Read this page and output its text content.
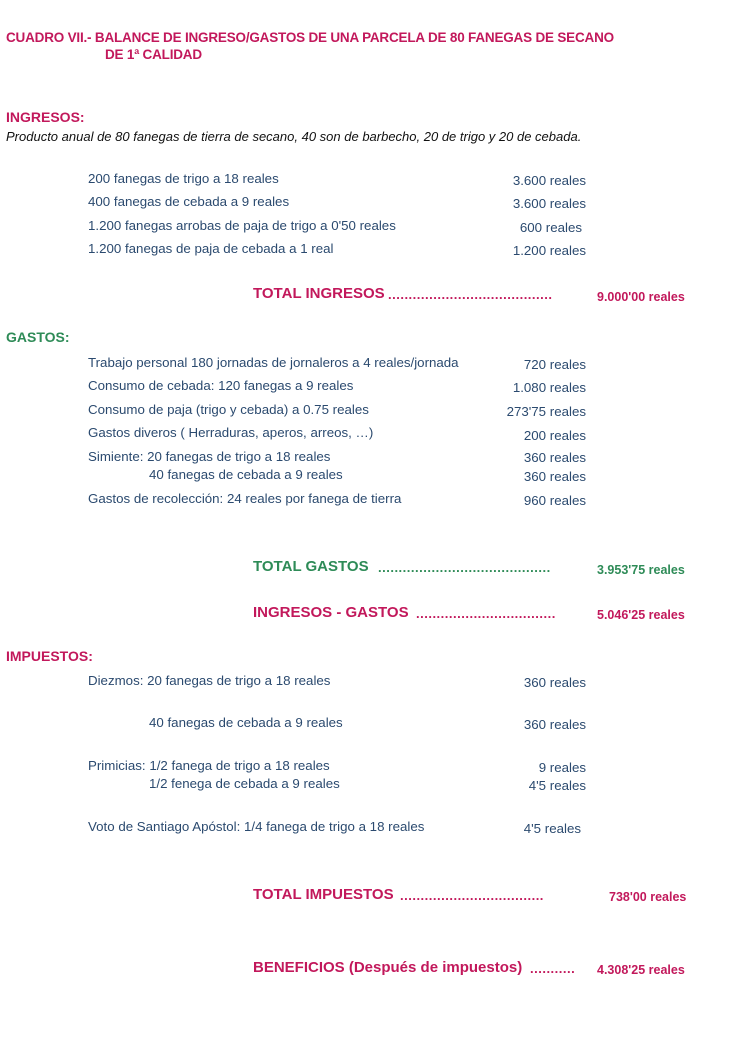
CUADRO VII.- BALANCE DE INGRESO/GASTOS DE UNA PARCELA DE 80 FANEGAS DE SECANO
DE 1ª CALIDAD
INGRESOS:
Producto anual de 80 fanegas de tierra de secano, 40 son de barbecho, 20 de trigo y 20 de cebada.
200 fanegas de trigo a 18 reales	3.600 reales
400 fanegas de cebada a 9 reales	3.600 reales
1.200 fanegas arrobas de paja de trigo a 0'50 reales	600 reales
1.200 fanegas de paja de cebada a 1 real	1.200 reales
TOTAL INGRESOS ........................................	9.000'00 reales
GASTOS:
Trabajo personal 180 jornadas de jornaleros a 4 reales/jornada	720 reales
Consumo de cebada: 120 fanegas a 9 reales	1.080 reales
Consumo de paja (trigo y cebada) a 0.75 reales	273'75 reales
Gastos diveros ( Herraduras, aperos, arreos, …)	200 reales
Simiente: 20 fanegas de trigo a 18 reales	360 reales
40 fanegas de cebada a 9 reales	360 reales
Gastos de recolección: 24 reales por fanega de tierra	960 reales
TOTAL GASTOS ..........................................	3.953'75 reales
INGRESOS - GASTOS ..................................	5.046'25 reales
IMPUESTOS:
Diezmos: 20 fanegas de trigo a 18 reales	360 reales
40 fanegas de cebada a 9 reales	360 reales
Primicias: 1/2 fanega de trigo a 18 reales	9 reales
1/2 fenega de cebada a 9 reales	4'5 reales
Voto de Santiago Apóstol: 1/4 fanega de trigo a 18 reales	4'5 reales
TOTAL IMPUESTOS ...................................	738'00 reales
BENEFICIOS (Después de impuestos) ........... 4.308'25 reales
